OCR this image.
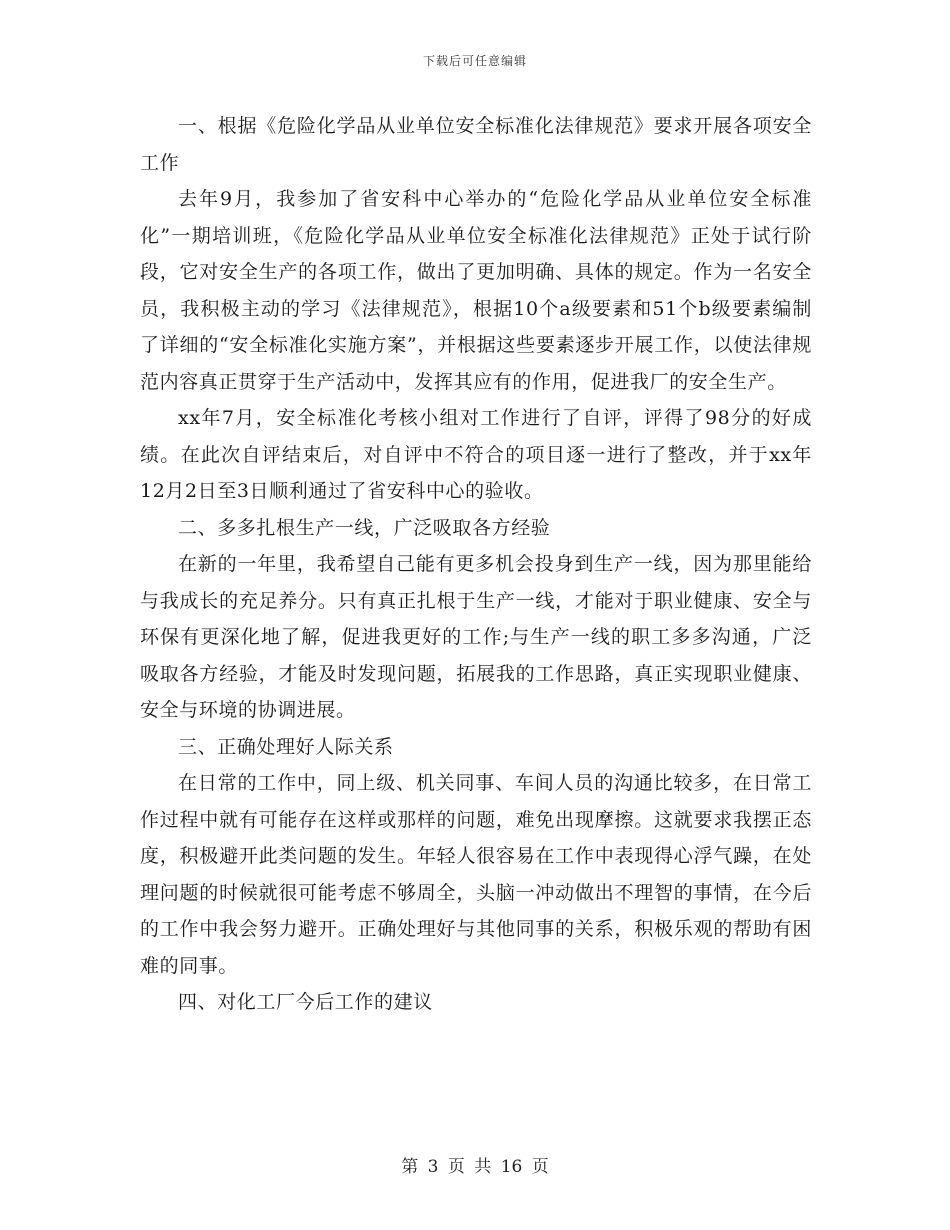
下载后可任意编辑

一、根据《危险化学品从业单位安全标准化法律规范》要求开展各项安全工作

去年9月，我参加了省安科中心举办的“危险化学品从业单位安全标准化”一期培训班，《危险化学品从业单位安全标准化法律规范》正处于试行阶段，它对安全生产的各项工作，做出了更加明确、具体的规定。作为一名安全员，我积极主动的学习《法律规范》，根据10个a级要素和51个b级要素编制了详细的“安全标准化实施方案”，并根据这些要素逐步开展工作，以使法律规范内容真正贯穿于生产活动中，发挥其应有的作用，促进我厂的安全生产。

xx年7月，安全标准化考核小组对工作进行了自评，评得了98分的好成绩。在此次自评结束后，对自评中不符合的项目逐一进行了整改，并于xx年12月2日至3日顺利通过了省安科中心的验收。

二、多多扎根生产一线，广泛吸取各方经验

在新的一年里，我希望自己能有更多机会投身到生产一线，因为那里能给与我成长的充足养分。只有真正扎根于生产一线，才能对于职业健康、安全与环保有更深化地了解，促进我更好的工作;与生产一线的职工多多沟通，广泛吸取各方经验，才能及时发现问题，拓展我的工作思路，真正实现职业健康、安全与环境的协调进展。

三、正确处理好人际关系

在日常的工作中，同上级、机关同事、车间人员的沟通比较多，在日常工作过程中就有可能存在这样或那样的问题，难免出现摩擦。这就要求我摆正态度，积极避开此类问题的发生。年轻人很容易在工作中表现得心浮气躁，在处理问题的时候就很可能考虑不够周全，头脑一冲动做出不理智的事情，在今后的工作中我会努力避开。正确处理好与其他同事的关系，积极乐观的帮助有困难的同事。

四、对化工厂今后工作的建议

第 3 页 共 16 页
